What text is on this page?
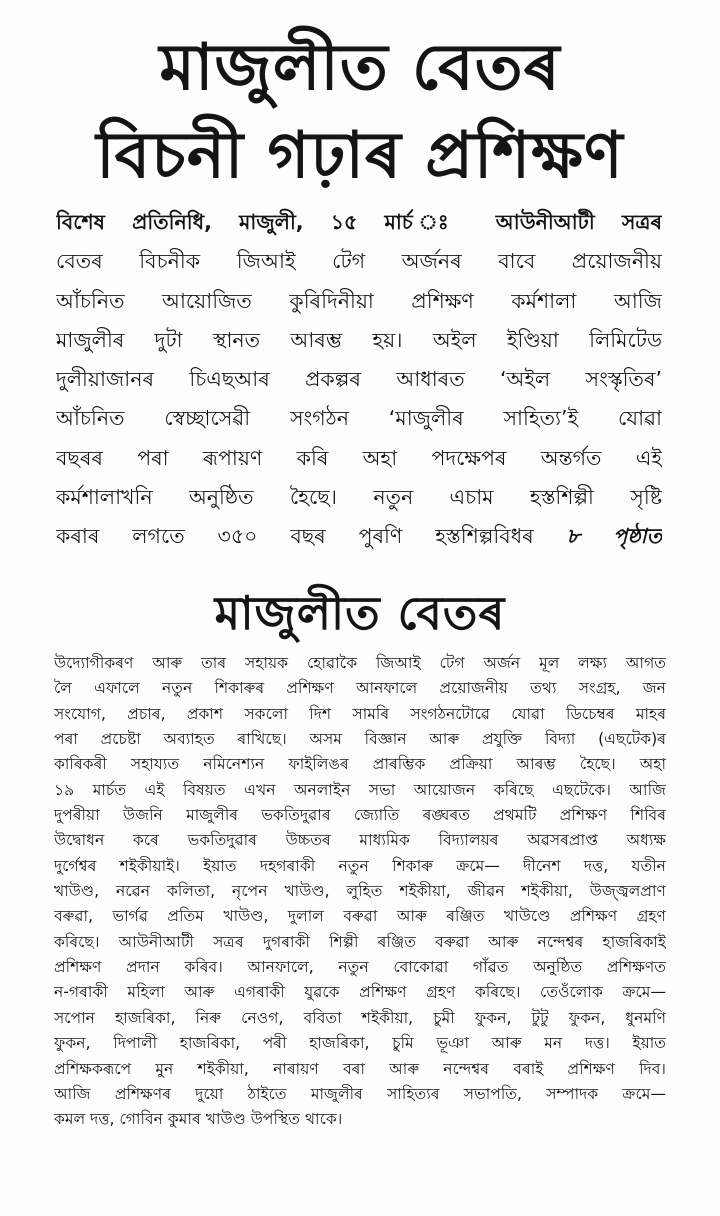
মাজুলীত বেতৰ
বিচনী গঢ়াৰ প্ৰশিক্ষণ
বিশেষ প্ৰতিনিধি, মাজুলী, ১৫ মাৰ্চ ঃ আউনীআটী সত্ৰৰ
বেতৰ বিচনীক জিআই টেগ অৰ্জনৰ বাবে প্ৰয়োজনীয়
আঁচনিত আয়োজিত কুৰিদিনীয়া প্ৰশিক্ষণ কৰ্মশালা আজি
মাজুলীৰ দুটা স্থানত আৰম্ভ হয়। অইল ইণ্ডিয়া লিমিটেড
দুলীয়াজানৰ চিএছআৰ প্ৰকল্পৰ আধাৰত ‘অইল সংস্কৃতিৰ’
আঁচনিত স্বেচ্ছাসেৱী সংগঠন ‘মাজুলীৰ সাহিত্য’ই যোৱা
বছৰৰ পৰা ৰূপায়ণ কৰি অহা পদক্ষেপৰ অন্তৰ্গত এই
কৰ্মশালাখনি অনুষ্ঠিত হৈছে। নতুন এচাম হস্তশিল্পী সৃষ্টি
কৰাৰ লগতে ৩৫০ বছৰ পুৰণি হস্তশিল্পবিধৰ ৮ পৃষ্ঠাত
মাজুলীত বেতৰ
উদ্যোগীকৰণ আৰু তাৰ সহায়ক হোৱাকৈ জিআই টেগ অৰ্জন মূল লক্ষ্য আগত
লৈ এফালে নতুন শিকাৰুৰ প্ৰশিক্ষণ আনফালে প্ৰয়োজনীয় তথ্য সংগ্ৰহ, জন
সংযোগ, প্ৰচাৰ, প্ৰকাশ সকলো দিশ সামৰি সংগঠনটোৱে যোৱা ডিচেম্বৰ মাহৰ
পৰা প্ৰচেষ্টা অব্যাহত ৰাখিছে। অসম বিজ্ঞান আৰু প্ৰযুক্তি বিদ্যা (এছটেক)ৰ
কাৰিকৰী সহায্যত নমিনেশ্যন ফাইলিঙৰ প্ৰাৰম্ভিক প্ৰক্ৰিয়া আৰম্ভ হৈছে। অহা
১৯ মাৰ্চত এই বিষয়ত এখন অনলাইন সভা আয়োজন কৰিছে এছটেকে। আজি
দুপৰীয়া উজনি মাজুলীৰ ভকতিদুৱাৰ জ্যোতি ৰঙ্ঘৰত প্ৰথমটি প্ৰশিক্ষণ শিবিৰ
উদ্বোধন কৰে ভকতিদুৱাৰ উচ্চতৰ মাধ্যমিক বিদ্যালয়ৰ অৱসৰপ্ৰাপ্ত অধ্যক্ষ
দুৰ্গেশ্বৰ শইকীয়াই। ইয়াত দহগৰাকী নতুন শিকাৰু ক্ৰমে— দীনেশ দত্ত, যতীন
খাউণ্ড, নৱেন কলিতা, নৃপেন খাউণ্ড, লুহিত শইকীয়া, জীৱন শইকীয়া, উজ্জ্বলপ্ৰাণ
বৰুৱা, ভাৰ্গৱ প্ৰতিম খাউণ্ড, দুলাল বৰুৱা আৰু ৰঞ্জিত খাউণ্ডে প্ৰশিক্ষণ গ্ৰহণ
কৰিছে। আউনীআটী সত্ৰৰ দুগৰাকী শিল্পী ৰঞ্জিত বৰুৱা আৰু নন্দেশ্বৰ হাজৰিকাই
প্ৰশিক্ষণ প্ৰদান কৰিব। আনফালে, নতুন বোকোৱা গাঁৱত অনুষ্ঠিত প্ৰশিক্ষণত
ন-গৰাকী মহিলা আৰু এগৰাকী যুৱকে প্ৰশিক্ষণ গ্ৰহণ কৰিছে। তেওঁলোক ক্ৰমে—
সপোন হাজৰিকা, নিৰু নেওগ, ববিতা শইকীয়া, চুমী ফুকন, টুটু ফুকন, ধুনমণি
ফুকন, দিপালী হাজৰিকা, পৰী হাজৰিকা, চুমি ভূঞা আৰু মন দত্ত। ইয়াত
প্ৰশিক্ষকৰূপে মুন শইকীয়া, নাৰায়ণ বৰা আৰু নন্দেশ্বৰ বৰাই প্ৰশিক্ষণ দিব।
আজি প্ৰশিক্ষণৰ দুয়ো ঠাইতে মাজুলীৰ সাহিত্যৰ সভাপতি, সম্পাদক ক্ৰমে—
কমল দত্ত, গোবিন কুমাৰ খাউণ্ড উপস্থিত থাকে।
